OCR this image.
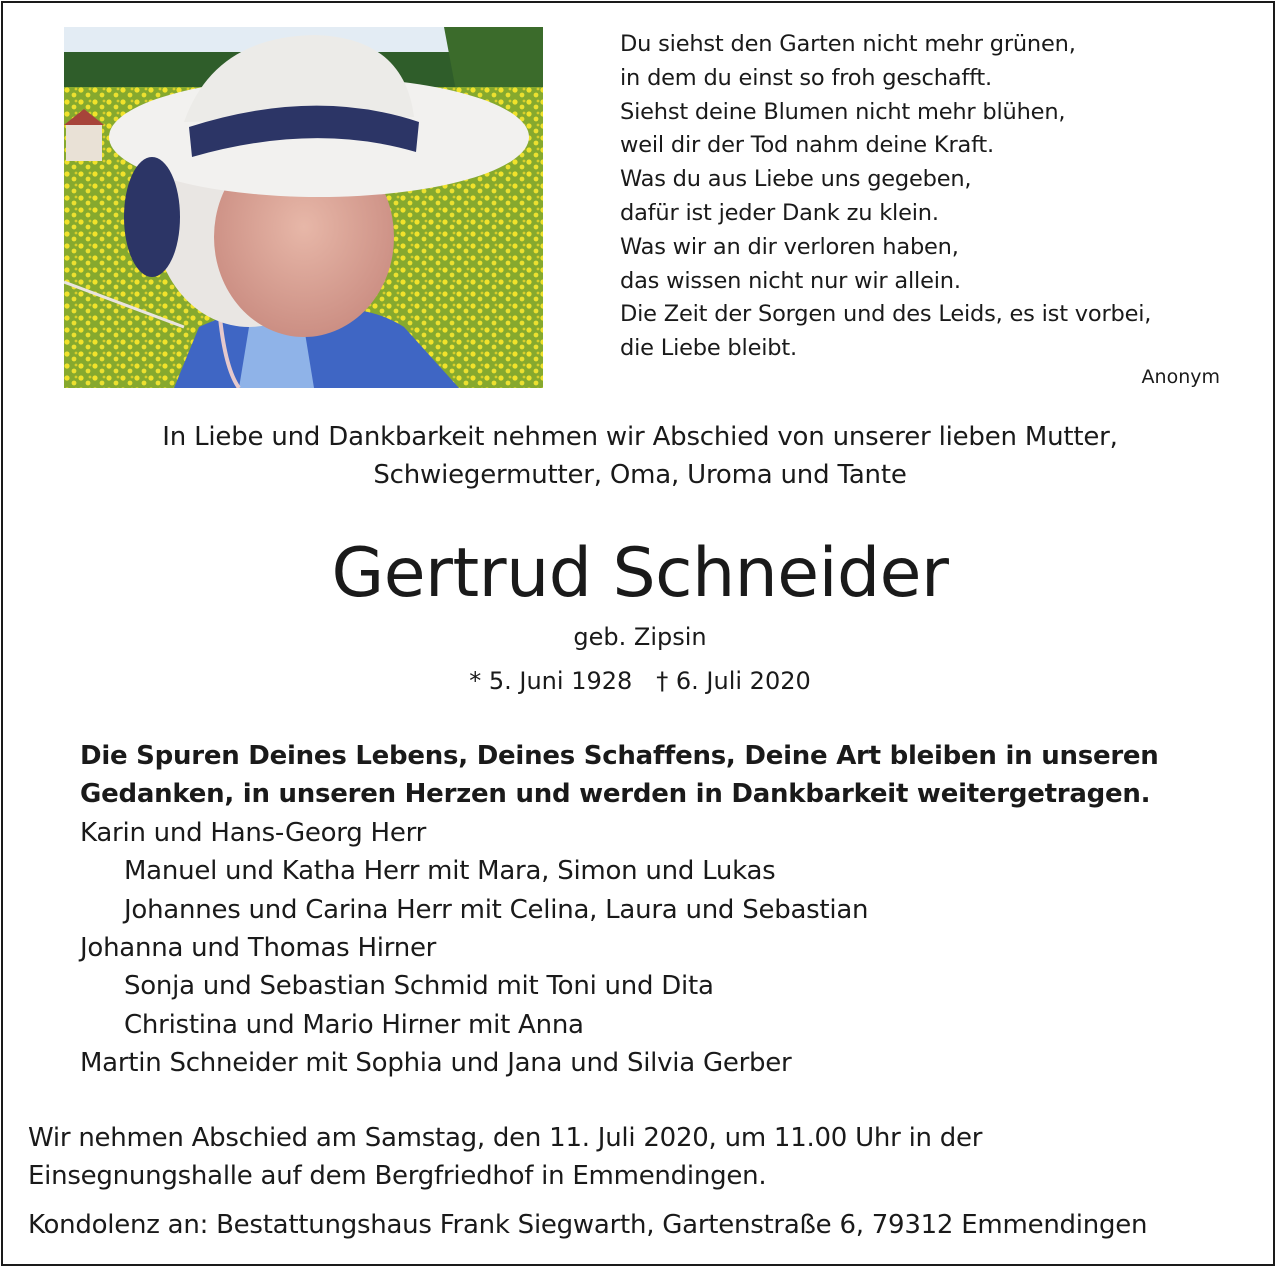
Du siehst den Garten nicht mehr grünen,
in dem du einst so froh geschafft.
Siehst deine Blumen nicht mehr blühen,
weil dir der Tod nahm deine Kraft.
Was du aus Liebe uns gegeben,
dafür ist jeder Dank zu klein.
Was wir an dir verloren haben,
das wissen nicht nur wir allein.
Die Zeit der Sorgen und des Leids, es ist vorbei,
die Liebe bleibt.
Anonym
In Liebe und Dankbarkeit nehmen wir Abschied von unserer lieben Mutter,
Schwiegermutter, Oma, Uroma und Tante
Gertrud Schneider
geb. Zipsin
* 5. Juni 1928 † 6. Juli 2020
Die Spuren Deines Lebens, Deines Schaffens, Deine Art bleiben in unseren
Gedanken, in unseren Herzen und werden in Dankbarkeit weitergetragen.
Karin und Hans-Georg Herr
Manuel und Katha Herr mit Mara, Simon und Lukas
Johannes und Carina Herr mit Celina, Laura und Sebastian
Johanna und Thomas Hirner
Sonja und Sebastian Schmid mit Toni und Dita
Christina und Mario Hirner mit Anna
Martin Schneider mit Sophia und Jana und Silvia Gerber
Wir nehmen Abschied am Samstag, den 11. Juli 2020, um 11.00 Uhr in der
Einsegnungshalle auf dem Bergfriedhof in Emmendingen.
Kondolenz an: Bestattungshaus Frank Siegwarth, Gartenstraße 6, 79312 Emmendingen
